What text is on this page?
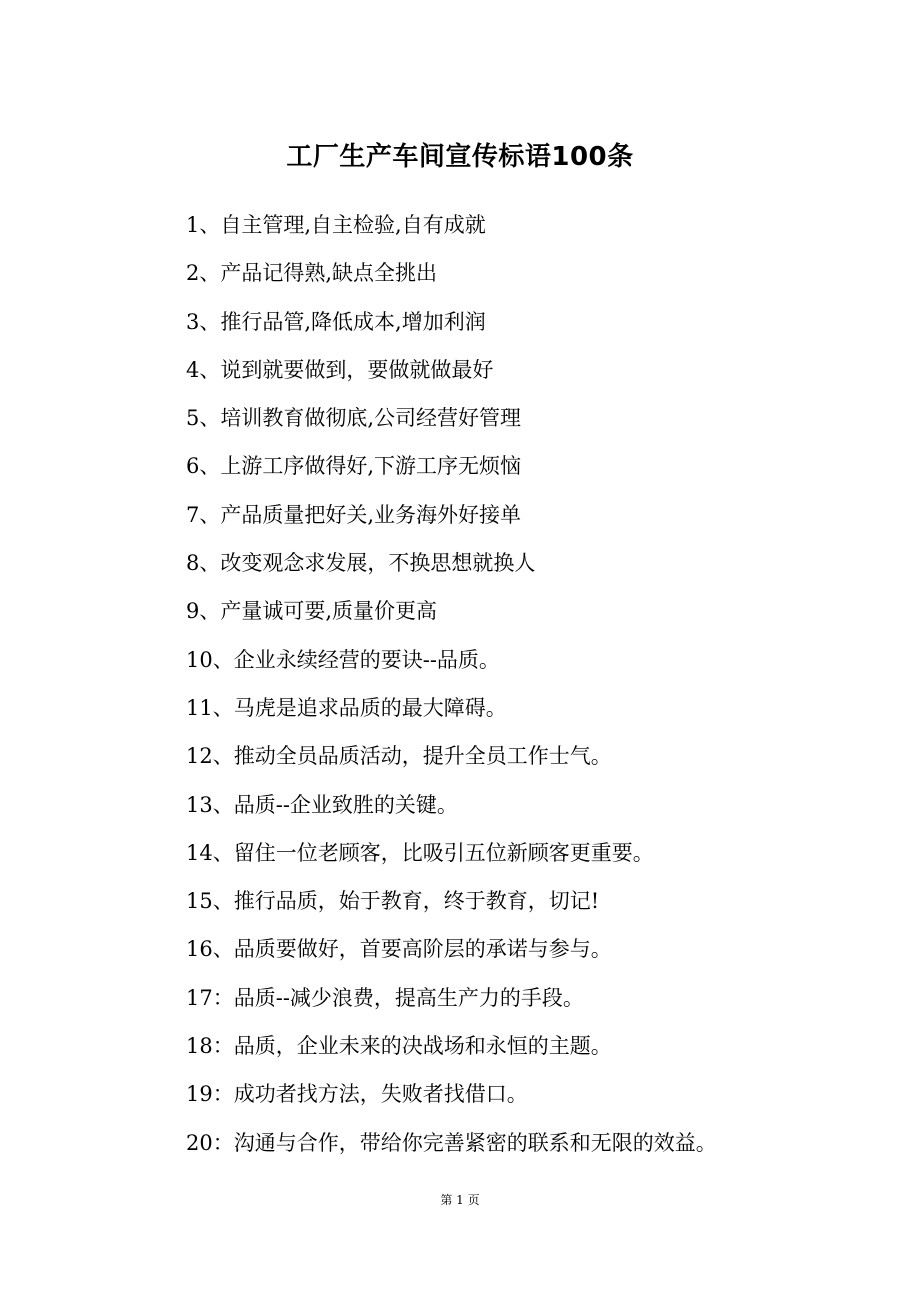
工厂生产车间宣传标语100条
1、自主管理,自主检验,自有成就
2、产品记得熟,缺点全挑出
3、推行品管,降低成本,增加利润
4、说到就要做到，要做就做最好
5、培训教育做彻底,公司经营好管理
6、上游工序做得好,下游工序无烦恼
7、产品质量把好关,业务海外好接单
8、改变观念求发展，不换思想就换人
9、产量诚可要,质量价更高
10、企业永续经营的要诀--品质。
11、马虎是追求品质的最大障碍。
12、推动全员品质活动，提升全员工作士气。
13、品质--企业致胜的关键。
14、留住一位老顾客，比吸引五位新顾客更重要。
15、推行品质，始于教育，终于教育，切记!
16、品质要做好，首要高阶层的承诺与参与。
17：品质--减少浪费，提高生产力的手段。
18：品质，企业未来的决战场和永恒的主题。
19：成功者找方法，失败者找借口。
20：沟通与合作，带给你完善紧密的联系和无限的效益。
第 1 页
